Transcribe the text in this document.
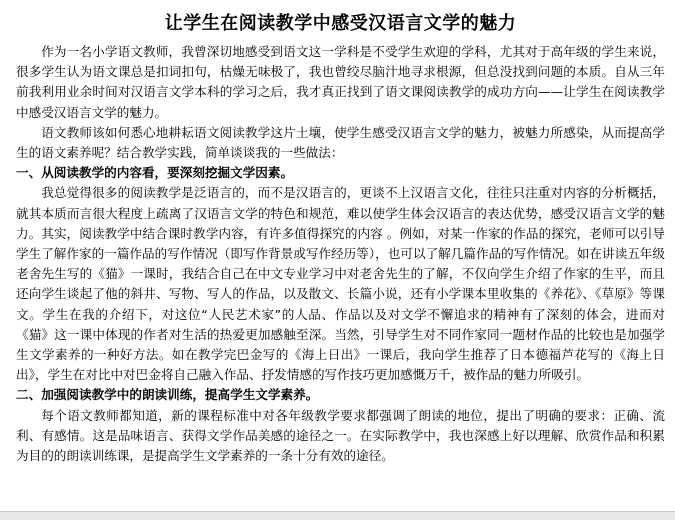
让学生在阅读教学中感受汉语言文学的魅力

作为一名小学语文教师，我曾深切地感受到语文这一学科是不受学生欢迎的学科，尤其对于高年级的学生来说，很多学生认为语文课总是扣词扣句，枯燥无味极了，我也曾绞尽脑汁地寻求根源，但总没找到问题的本质。自从三年前我利用业余时间对汉语言文学本科的学习之后，我才真正找到了语文课阅读教学的成功方向——让学生在阅读教学中感受汉语言文学的魅力。

语文教师该如何悉心地耕耘语文阅读教学这片土壤，使学生感受汉语言文学的魅力，被魅力所感染，从而提高学生的语文素养呢？结合教学实践，简单谈谈我的一些做法：

一、从阅读教学的内容看，要深刻挖掘文学因素。

我总觉得很多的阅读教学是泛语言的，而不是汉语言的，更谈不上汉语言文化，往往只注重对内容的分析概括，就其本质而言很大程度上疏离了汉语言文学的特色和规范，难以使学生体会汉语言的表达优势，感受汉语言文学的魅力。其实，阅读教学中结合课时教学内容，有许多值得探究的内容 。例如，对某一作家的作品的探究，老师可以引导学生了解作家的一篇作品的写作情况（即写作背景或写作经历等），也可以了解几篇作品的写作情况。如在讲读五年级老舍先生写的《猫》一课时，我结合自己在中文专业学习中对老舍先生的了解，不仅向学生介绍了作家的生平，而且还向学生谈起了他的斜井、写物、写人的作品，以及散文、长篇小说，还有小学课本里收集的《养花》、《草原》等课文。学生在我的介绍下，对这位“人民艺术家”的人品、作品以及对文学不懈追求的精神有了深刻的体会，进而对《猫》这一课中体现的作者对生活的热爱更加感触至深。当然，引导学生对不同作家同一题材作品的比较也是加强学生文学素养的一种好方法。如在教学完巴金写的《海上日出》一课后，我向学生推荐了日本德福芦花写的《海上日出》，学生在对比中对巴金将自己融入作品、抒发情感的写作技巧更加感慨万千，被作品的魅力所吸引。

二、加强阅读教学中的朗读训练，提高学生文学素养。

每个语文教师都知道，新的课程标准中对各年级教学要求都强调了朗读的地位，提出了明确的要求：正确、流利、有感情。这是品味语言、获得文学作品美感的途径之一。在实际教学中，我也深感上好以理解、欣赏作品和积累为目的的朗读训练课，是提高学生文学素养的一条十分有效的途径。
